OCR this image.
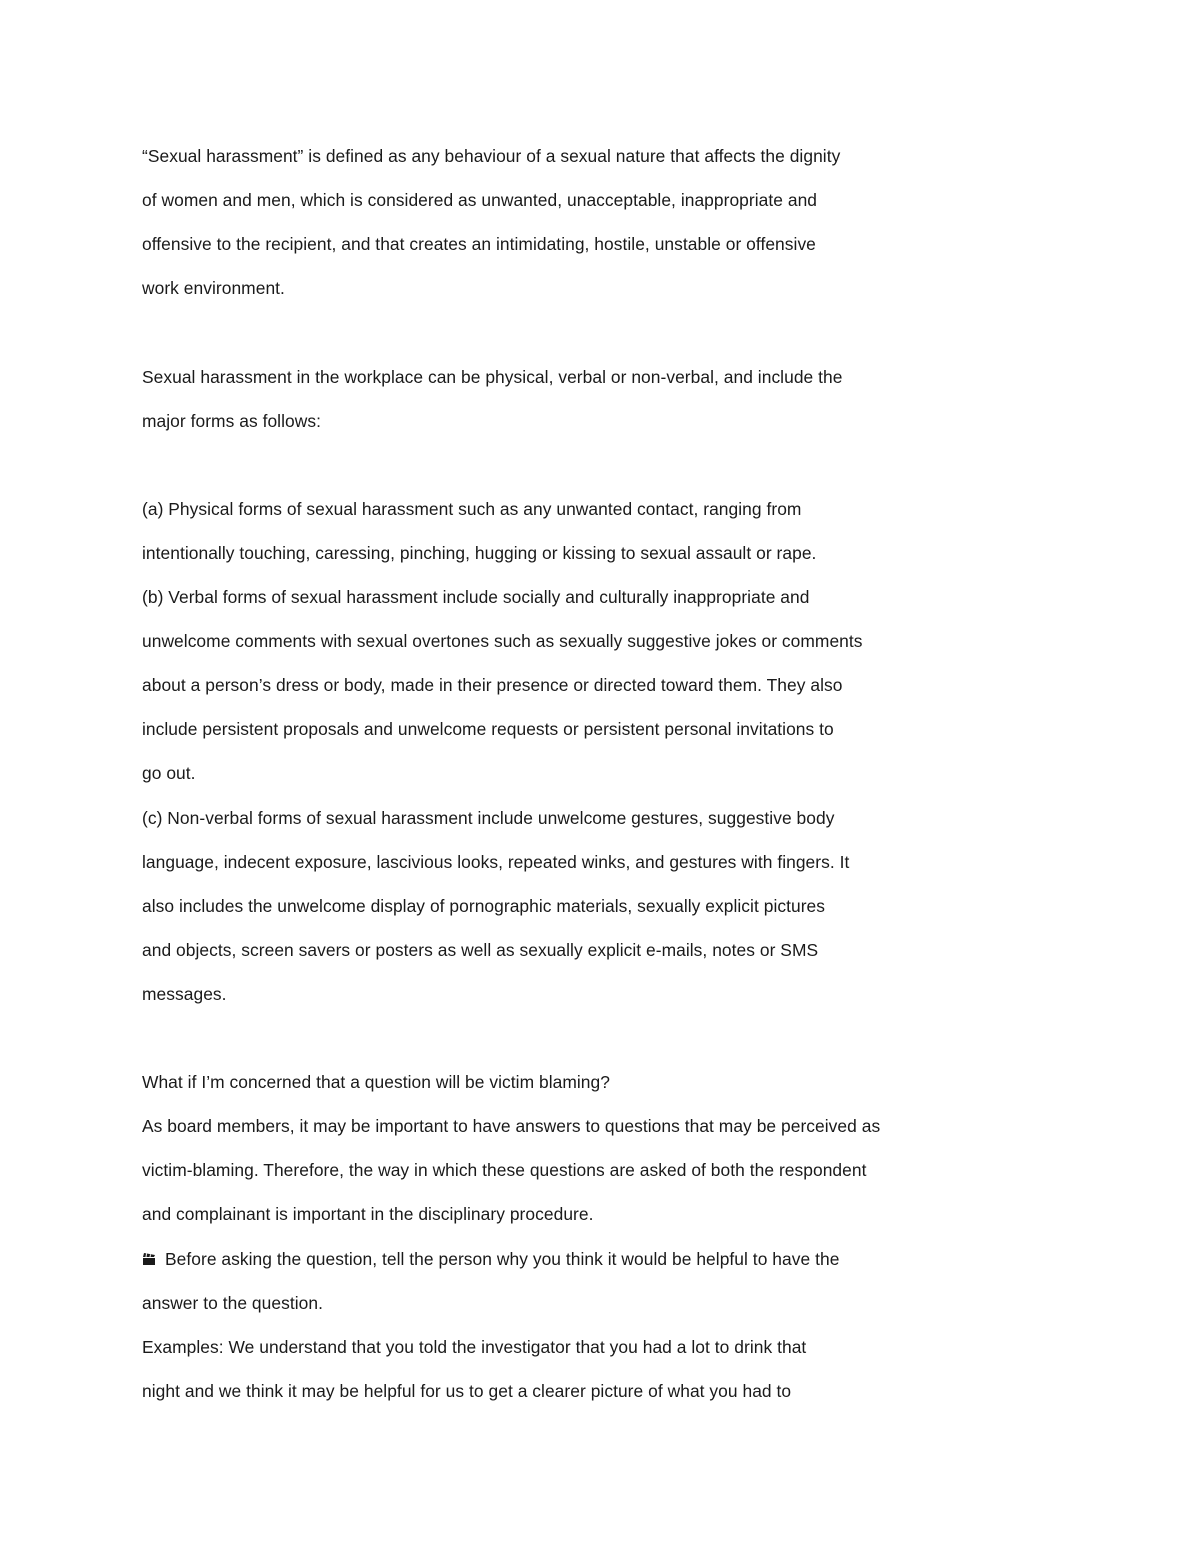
“Sexual harassment” is defined as any behaviour of a sexual nature that affects the dignity
of women and men, which is considered as unwanted, unacceptable, inappropriate and
offensive to the recipient, and that creates an intimidating, hostile, unstable or offensive
work environment.
Sexual harassment in the workplace can be physical, verbal or non-verbal, and include the
major forms as follows:
(a) Physical forms of sexual harassment such as any unwanted contact, ranging from
intentionally touching, caressing, pinching, hugging or kissing to sexual assault or rape.
(b) Verbal forms of sexual harassment include socially and culturally inappropriate and
unwelcome comments with sexual overtones such as sexually suggestive jokes or comments
about a person’s dress or body, made in their presence or directed toward them. They also
include persistent proposals and unwelcome requests or persistent personal invitations to
go out.
(c) Non-verbal forms of sexual harassment include unwelcome gestures, suggestive body
language, indecent exposure, lascivious looks, repeated winks, and gestures with fingers. It
also includes the unwelcome display of pornographic materials, sexually explicit pictures
and objects, screen savers or posters as well as sexually explicit e-mails, notes or SMS
messages.
What if I’m concerned that a question will be victim blaming?
As board members, it may be important to have answers to questions that may be perceived as
victim-blaming. Therefore, the way in which these questions are asked of both the respondent
and complainant is important in the disciplinary procedure.
Before asking the question, tell the person why you think it would be helpful to have the
answer to the question.
Examples: We understand that you told the investigator that you had a lot to drink that
night and we think it may be helpful for us to get a clearer picture of what you had to
